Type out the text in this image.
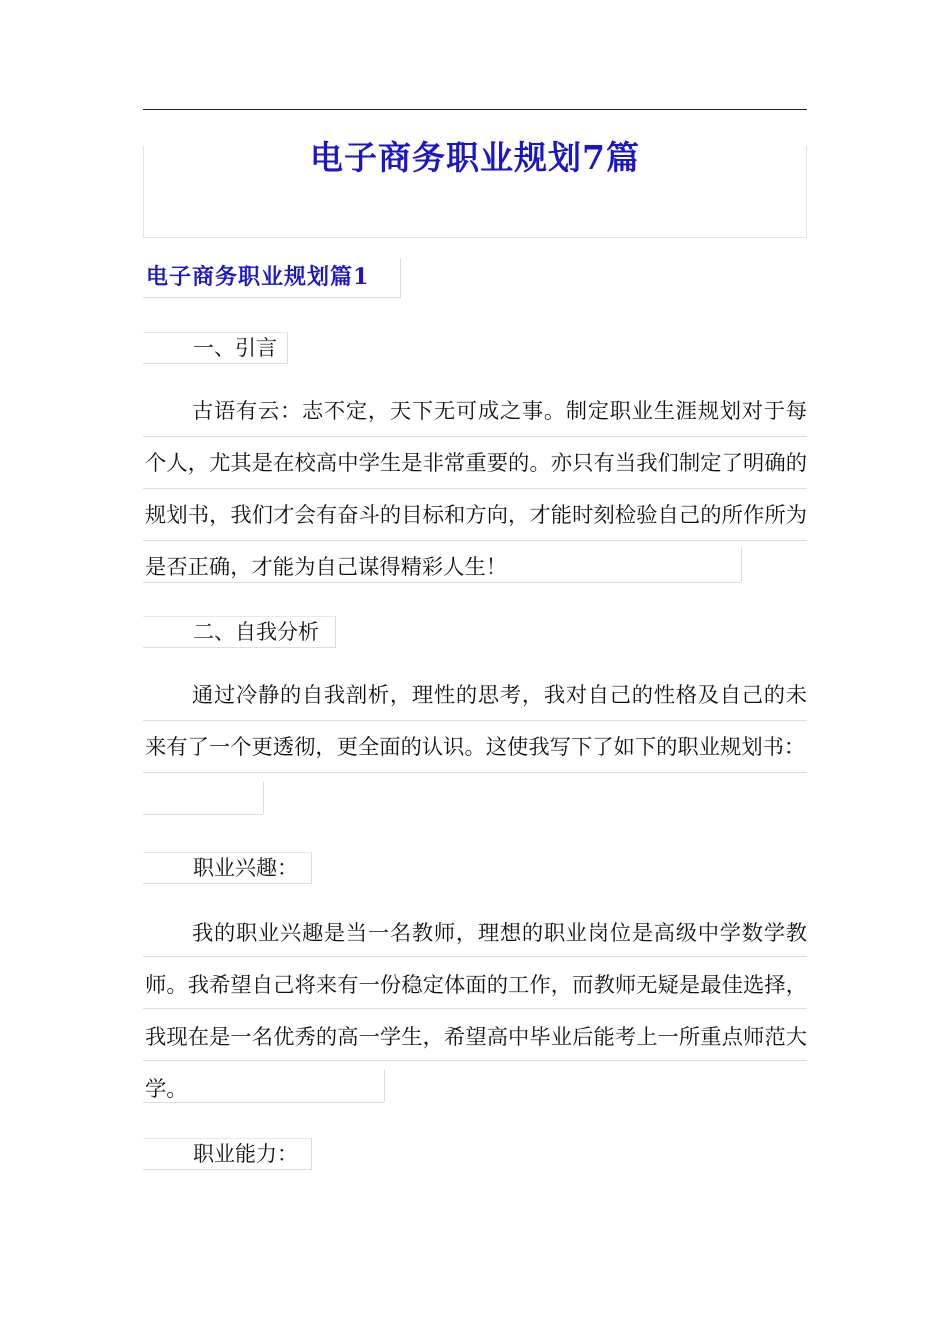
电子商务职业规划7篇
电子商务职业规划篇1
一、引言

古语有云：志不定，天下无可成之事。制定职业生涯规划对于每个人，尤其是在校高中学生是非常重要的。亦只有当我们制定了明确的规划书，我们才会有奋斗的目标和方向，才能时刻检验自己的所作所为是否正确，才能为自己谋得精彩人生！

二、自我分析

通过冷静的自我剖析，理性的思考，我对自己的性格及自己的未来有了一个更透彻，更全面的认识。这使我写下了如下的职业规划书：

职业兴趣：

我的职业兴趣是当一名教师，理想的职业岗位是高级中学数学教师。我希望自己将来有一份稳定体面的工作，而教师无疑是最佳选择，我现在是一名优秀的高一学生，希望高中毕业后能考上一所重点师范大学。

职业能力：
